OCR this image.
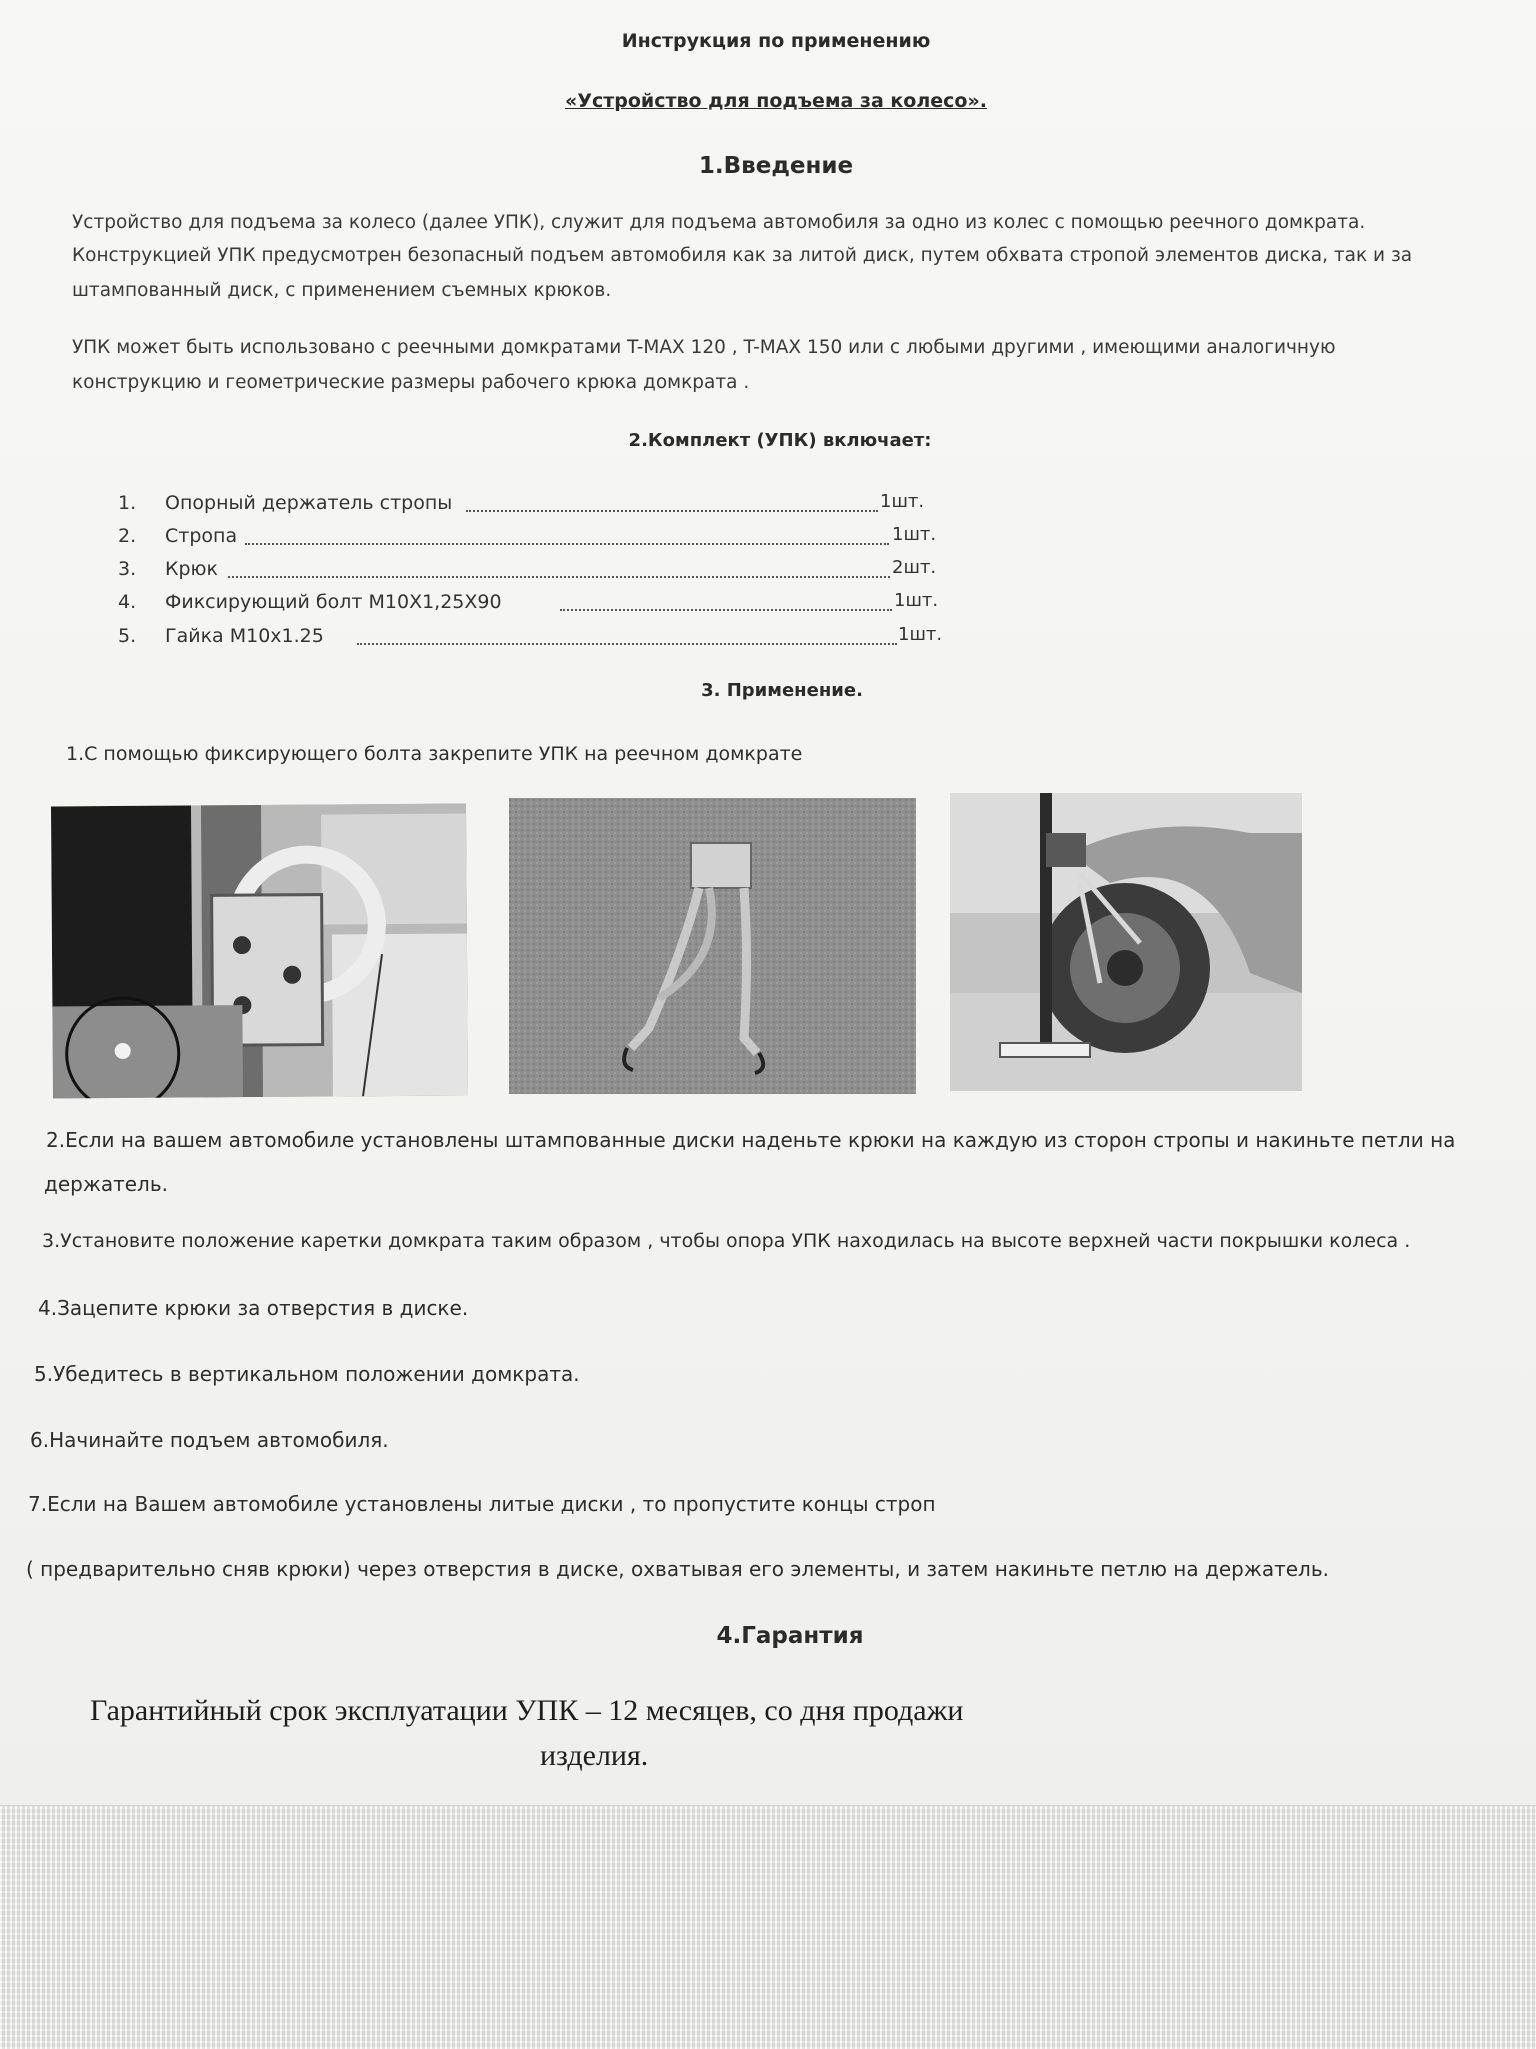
Инструкция по применению
«Устройство для подъема за колесо».
1.Введение
Устройство для подъема за колесо (далее УПК), служит для подъема автомобиля за одно из колес с помощью реечного домкрата.
Конструкцией УПК предусмотрен безопасный подъем автомобиля как за литой диск, путем обхвата стропой элементов диска, так и за
штампованный диск, с применением съемных крюков.
УПК может быть использовано с реечными домкратами T-MAX 120 , T-MAX 150 или с любыми другими , имеющими аналогичную
конструкцию и геометрические размеры рабочего крюка домкрата .
2.Комплект (УПК) включает:
1. Опорный держатель стропы	1шт.
2. Стропа	1шт.
3. Крюк	2шт.
4. Фиксирующий болт M10X1,25X90	1шт.
5. Гайка M10x1.25	1шт.
3. Применение.
1.С помощью фиксирующего болта закрепите УПК на реечном домкрате
2.Если на вашем автомобиле установлены штампованные диски наденьте крюки на каждую из сторон стропы и накиньте петли на
держатель.
3.Установите положение каретки домкрата таким образом , чтобы опора УПК находилась на высоте верхней части покрышки колеса .
4.Зацепите крюки за отверстия в диске.
5.Убедитесь в вертикальном положении домкрата.
6.Начинайте подъем автомобиля.
7.Если на Вашем автомобиле установлены литые диски , то пропустите концы строп
( предварительно сняв крюки) через отверстия в диске, охватывая его элементы, и затем накиньте петлю на держатель.
4.Гарантия
Гарантийный срок эксплуатации УПК – 12 месяцев, со дня продажи
изделия.
